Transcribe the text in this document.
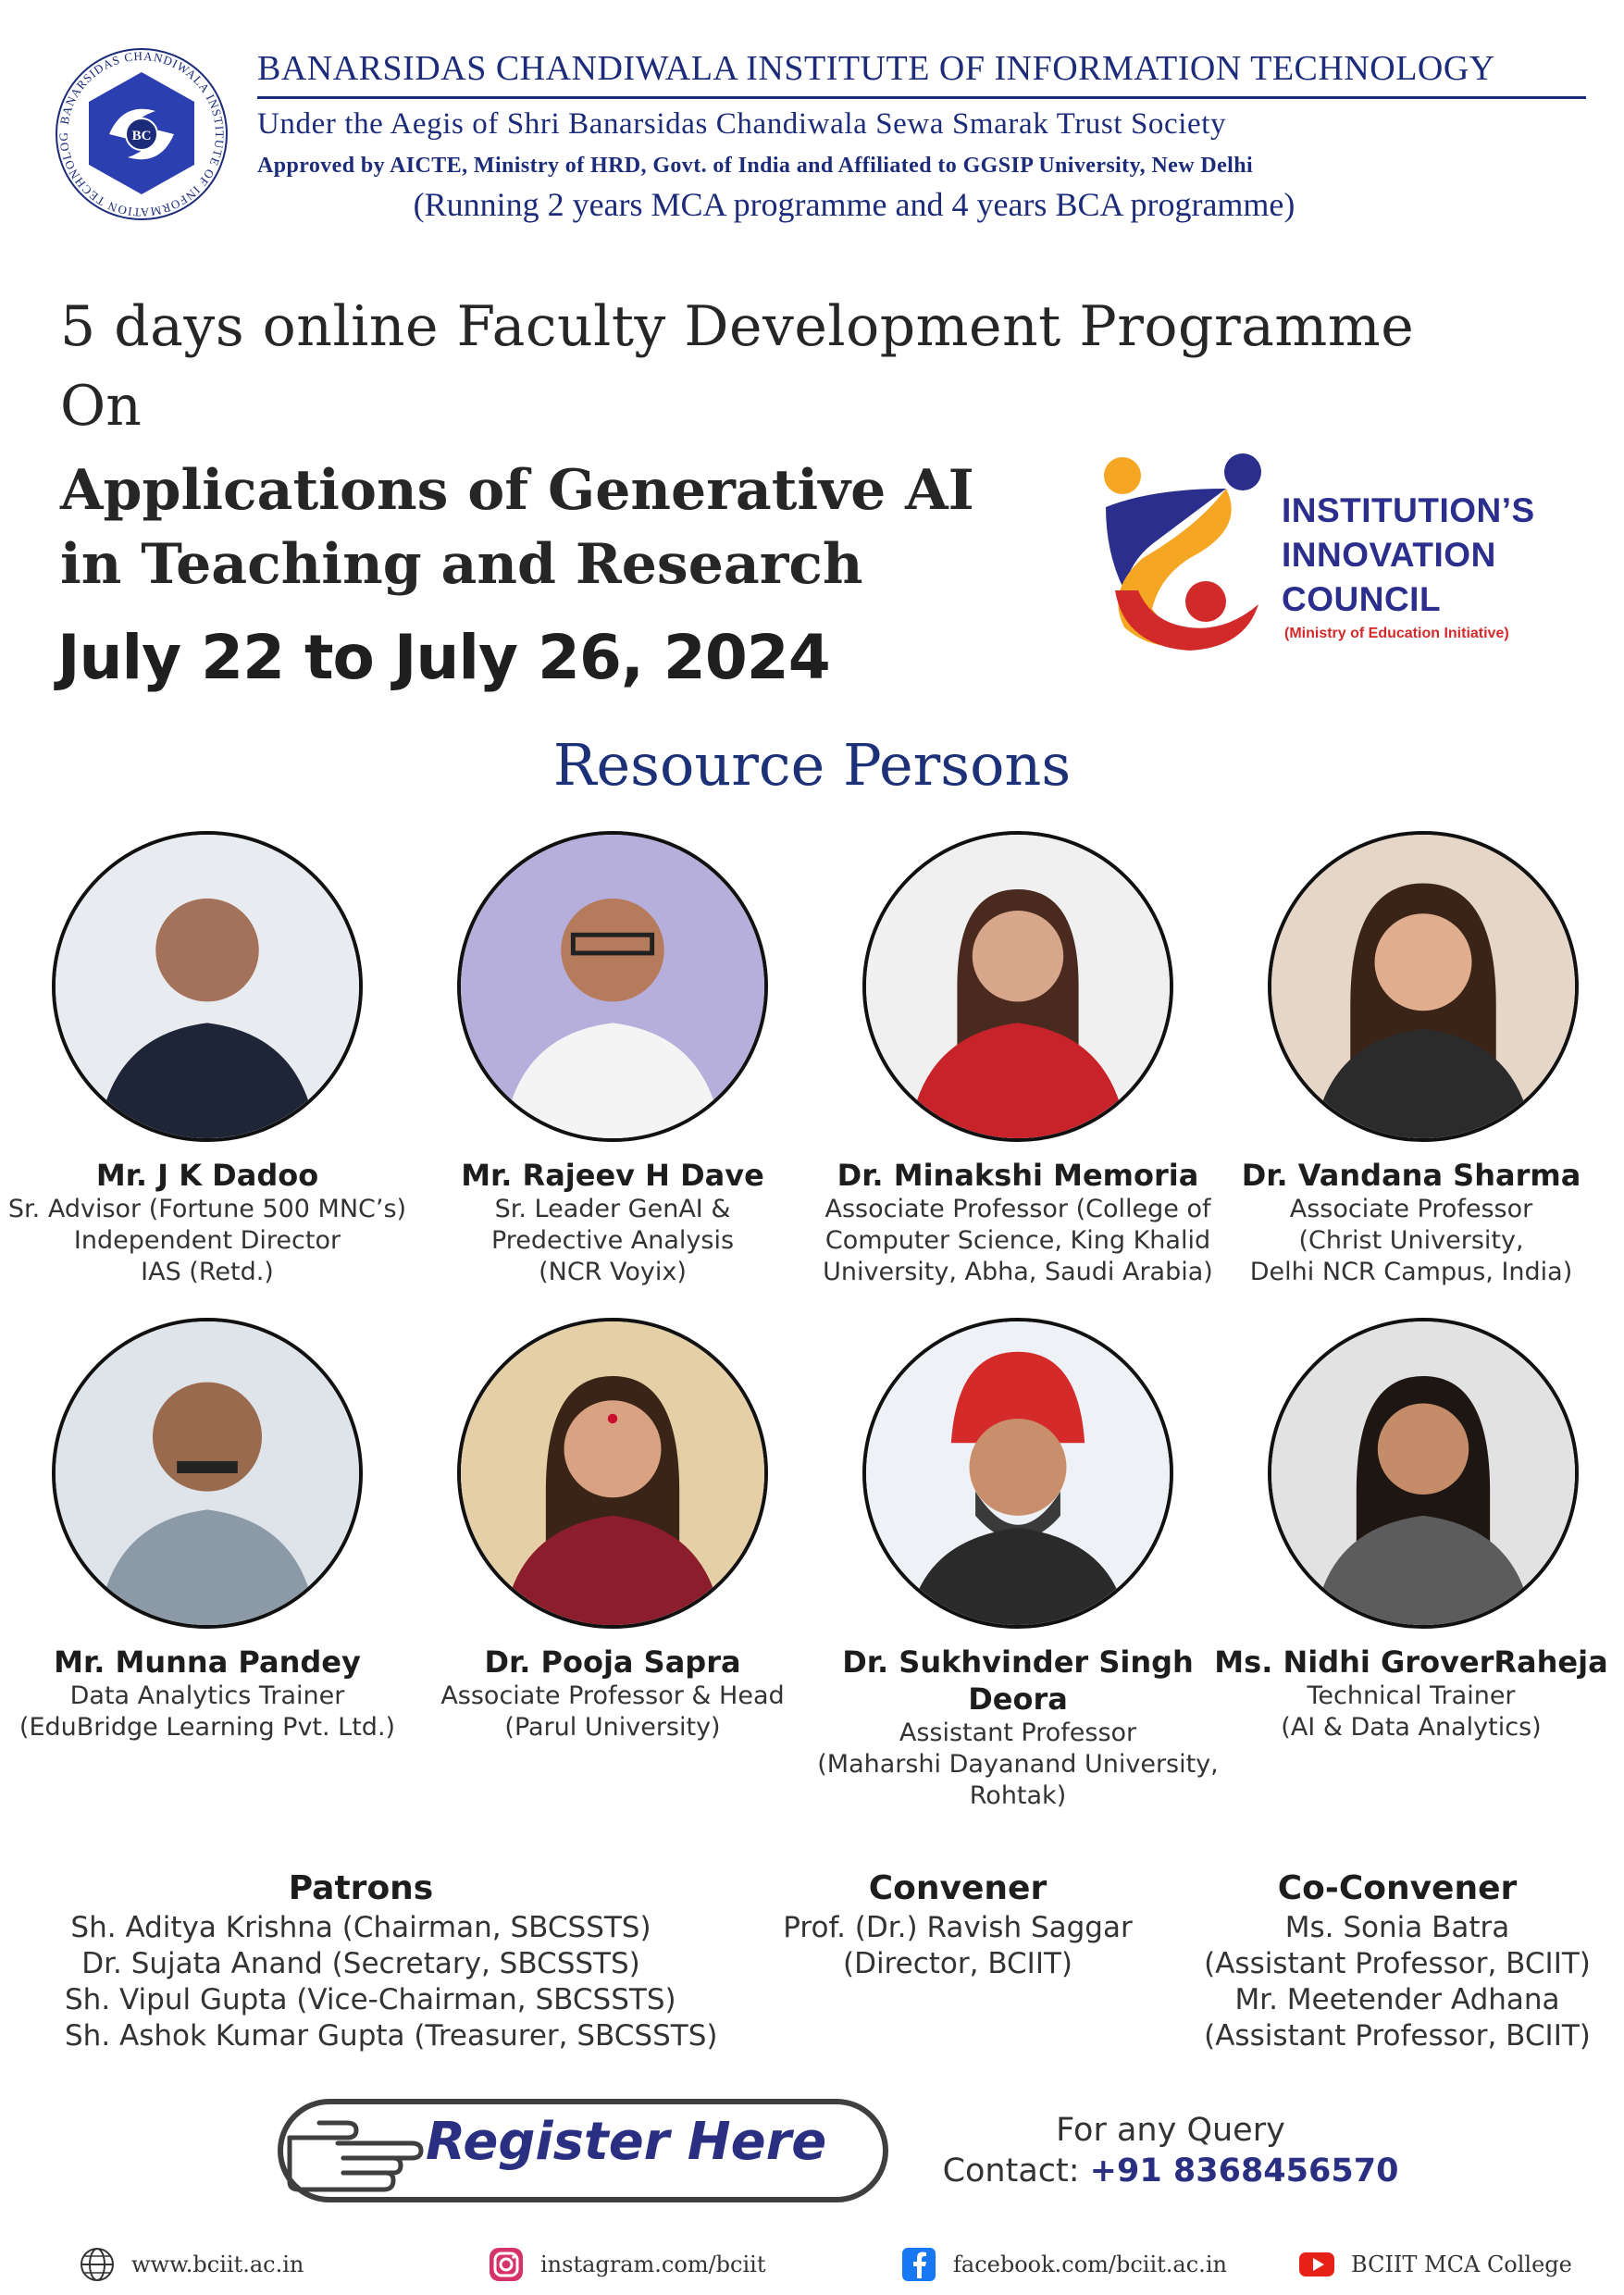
BANARSIDAS CHANDIWALA INSTITUTE OF INFORMATION TECHNOLOG	BC
BANARSIDAS CHANDIWALA INSTITUTE OF INFORMATION TECHNOLOGY
Under the Aegis of Shri Banarsidas Chandiwala Sewa Smarak Trust Society
Approved by AICTE, Ministry of HRD, Govt. of India and Affiliated to GGSIP University, New Delhi
(Running 2 years MCA programme and 4 years BCA programme)
5 days online Faculty Development Programme
On
Applications of Generative AI
in Teaching and Research
July 22 to July 26, 2024
INSTITUTION’S
INNOVATION
COUNCIL
(Ministry of Education Initiative)
Resource Persons
Mr. J K Dadoo
Sr. Advisor (Fortune 500 MNC’s)
Independent Director
IAS (Retd.)
Mr. Rajeev H Dave
Sr. Leader GenAI &
Predective Analysis
(NCR Voyix)
Dr. Minakshi Memoria
Associate Professor (College of
Computer Science, King Khalid
University, Abha, Saudi Arabia)
Dr. Vandana Sharma
Associate Professor
(Christ University,
Delhi NCR Campus, India)
Mr. Munna Pandey
Data Analytics Trainer
(EduBridge Learning Pvt. Ltd.)
Dr. Pooja Sapra
Associate Professor & Head
(Parul University)
Dr. Sukhvinder Singh
Deora
Assistant Professor
(Maharshi Dayanand University,
Rohtak)
Ms. Nidhi GroverRaheja
Technical Trainer
(AI & Data Analytics)
Patrons
Sh. Aditya Krishna (Chairman, SBCSSTS)
Dr. Sujata Anand (Secretary, SBCSSTS)
Sh. Vipul Gupta (Vice-Chairman, SBCSSTS)
Sh. Ashok Kumar Gupta (Treasurer, SBCSSTS)
Convener
Prof. (Dr.) Ravish Saggar
(Director, BCIIT)
Co-Convener
Ms. Sonia Batra
(Assistant Professor, BCIIT)
Mr. Meetender Adhana
(Assistant Professor, BCIIT)
Register Here	For any Query
Contact: +91 8368456570
www.bciit.ac.in	instagram.com/bciit	facebook.com/bciit.ac.in	BCIIT MCA College
